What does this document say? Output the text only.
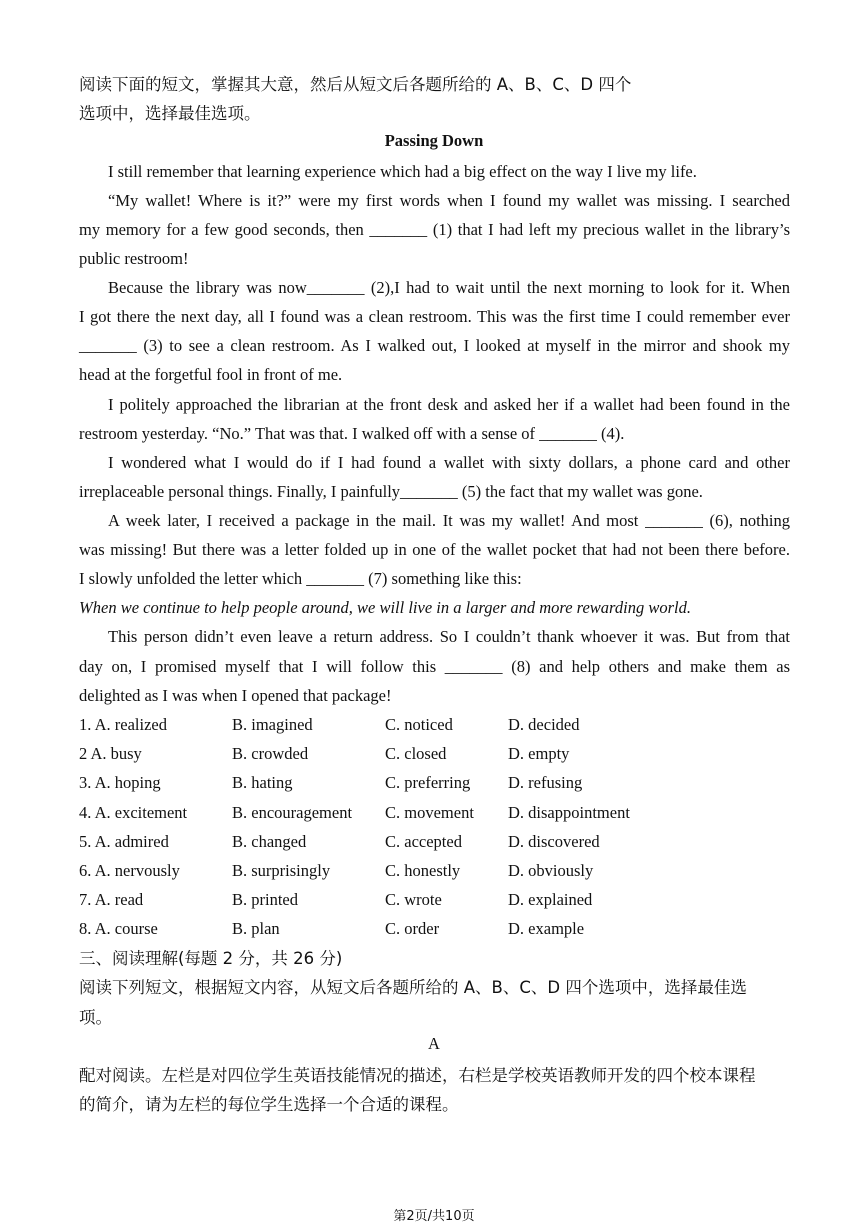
阅读下面的短文，掌握其大意，然后从短文后各题所给的 A、B、C、D 四个
选项中，选择最佳选项。
Passing Down
I still remember that learning experience which had a big effect on the way I live my life.
“My wallet! Where is it?” were my first words when I found my wallet was missing. I searched
my memory for a few good seconds, then _______ (1) that I had left my precious wallet in the library’s
public restroom!
Because the library was now_______ (2),I had to wait until the next morning to look for it. When
I got there the next day, all I found was a clean restroom. This was the first time I could remember ever
_______ (3) to see a clean restroom. As I walked out, I looked at myself in the mirror and shook my
head at the forgetful fool in front of me.
I politely approached the librarian at the front desk and asked her if a wallet had been found in the
restroom yesterday. “No.” That was that. I walked off with a sense of _______ (4).
I wondered what I would do if I had found a wallet with sixty dollars, a phone card and other
irreplaceable personal things. Finally, I painfully_______ (5) the fact that my wallet was gone.
A week later, I received a package in the mail. It was my wallet! And most _______ (6), nothing
was missing! But there was a letter folded up in one of the wallet pocket that had not been there before.
I slowly unfolded the letter which _______ (7) something like this:
When we continue to help people around, we will live in a larger and more rewarding world.
This person didn’t even leave a return address. So I couldn’t thank whoever it was. But from that
day on, I promised myself that I will follow this _______ (8) and help others and make them as
delighted as I was when I opened that package!
1. A. realized	B. imagined	C. noticed	D. decided
2 A. busy	B. crowded	C. closed	D. empty
3. A. hoping	B. hating	C. preferring D. refusing
4. A. excitement	B. encouragement C. movement D. disappointment
5. A. admired	B. changed	C. accepted	D. discovered
6. A. nervously	B. surprisingly	C. honestly	D. obviously
7. A. read	B. printed	C. wrote	D. explained
8. A. course	B. plan	C. order	D. example
三、阅读理解(每题 2 分，共 26 分)
阅读下列短文，根据短文内容，从短文后各题所给的 A、B、C、D 四个选项中，选择最佳选
项。
A
配对阅读。左栏是对四位学生英语技能情况的描述，右栏是学校英语教师开发的四个校本课程
的简介，请为左栏的每位学生选择一个合适的课程。
第2页/共10页
